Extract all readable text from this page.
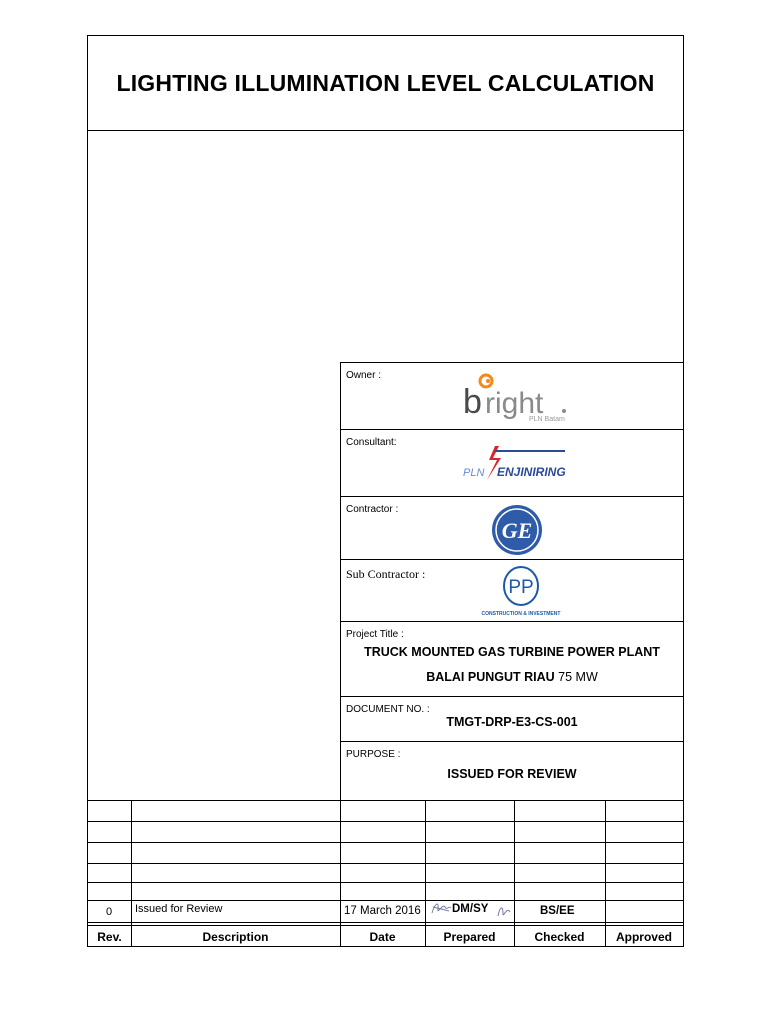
LIGHTING ILLUMINATION LEVEL CALCULATION
Owner :
b right
PLN Batam
Consultant:
PLN ENJINIRING
Contractor :
GE
Sub Contractor :
PP
CONSTRUCTION & INVESTMENT
Project Title :
TRUCK MOUNTED GAS TURBINE POWER PLANT
BALAI PUNGUT RIAU 75 MW
DOCUMENT NO. :
TMGT-DRP-E3-CS-001
PURPOSE :
ISSUED FOR REVIEW
0 Issued for Review	17 March 2016	DM/SY	BS/EE
Rev.	Description	Date	Prepared	Checked	Approved
